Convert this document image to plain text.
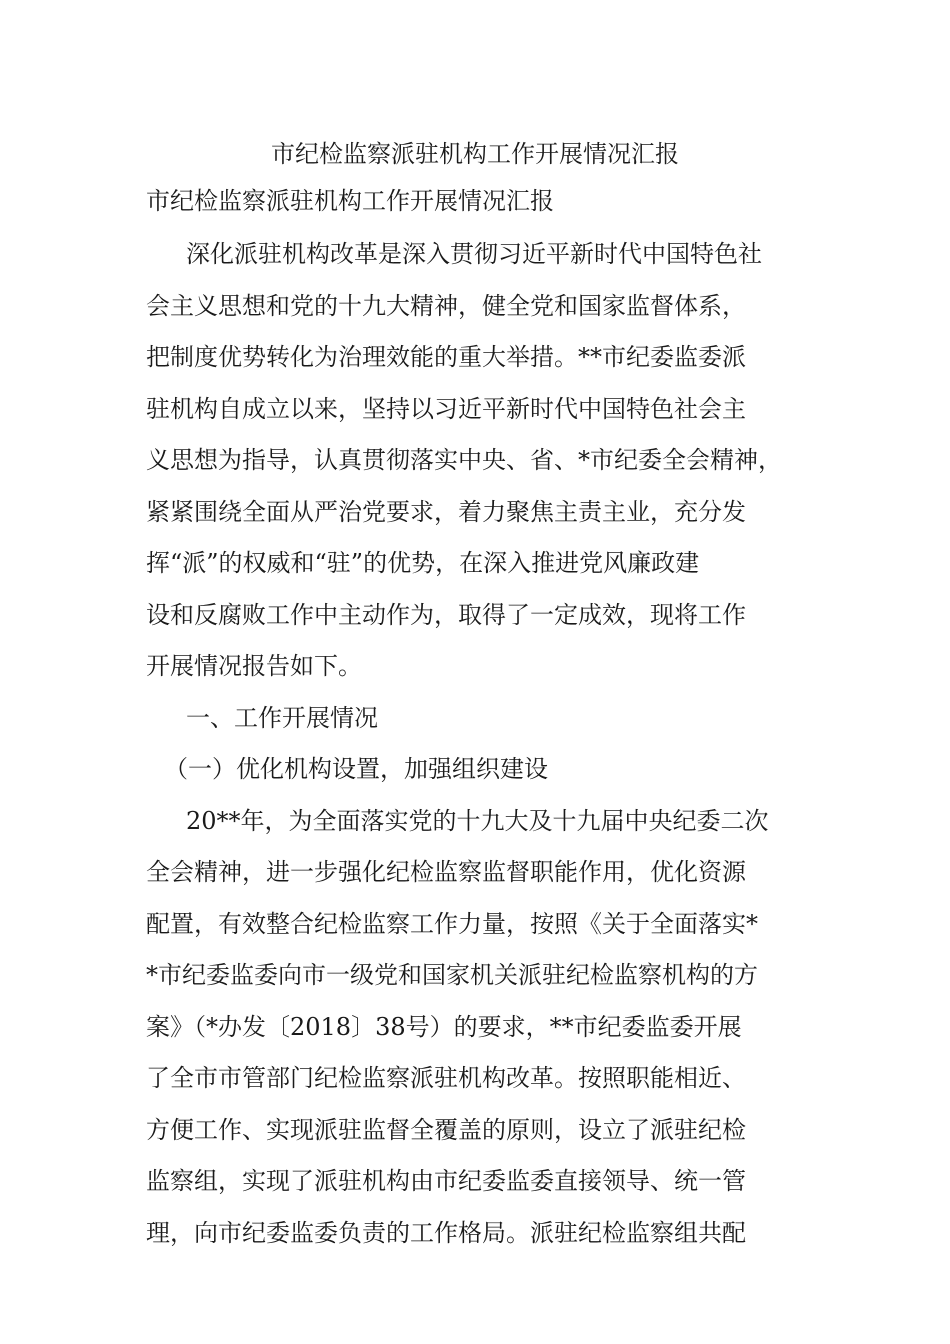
市纪检监察派驻机构工作开展情况汇报
市纪检监察派驻机构工作开展情况汇报
深化派驻机构改革是深入贯彻习近平新时代中国特色社
会主义思想和党的十九大精神，健全党和国家监督体系，
把制度优势转化为治理效能的重大举措。**市纪委监委派
驻机构自成立以来，坚持以习近平新时代中国特色社会主
义思想为指导，认真贯彻落实中央、省、*市纪委全会精神，
紧紧围绕全面从严治党要求，着力聚焦主责主业，充分发
挥“派”的权威和“驻”的优势，在深入推进党风廉政建
设和反腐败工作中主动作为，取得了一定成效，现将工作
开展情况报告如下。
一、工作开展情况
（一）优化机构设置，加强组织建设
20**年，为全面落实党的十九大及十九届中央纪委二次
全会精神，进一步强化纪检监察监督职能作用，优化资源
配置，有效整合纪检监察工作力量，按照《关于全面落实*
*市纪委监委向市一级党和国家机关派驻纪检监察机构的方
案》（*办发〔2018〕38号）的要求，**市纪委监委开展
了全市市管部门纪检监察派驻机构改革。按照职能相近、
方便工作、实现派驻监督全覆盖的原则，设立了派驻纪检
监察组，实现了派驻机构由市纪委监委直接领导、统一管
理，向市纪委监委负责的工作格局。派驻纪检监察组共配
